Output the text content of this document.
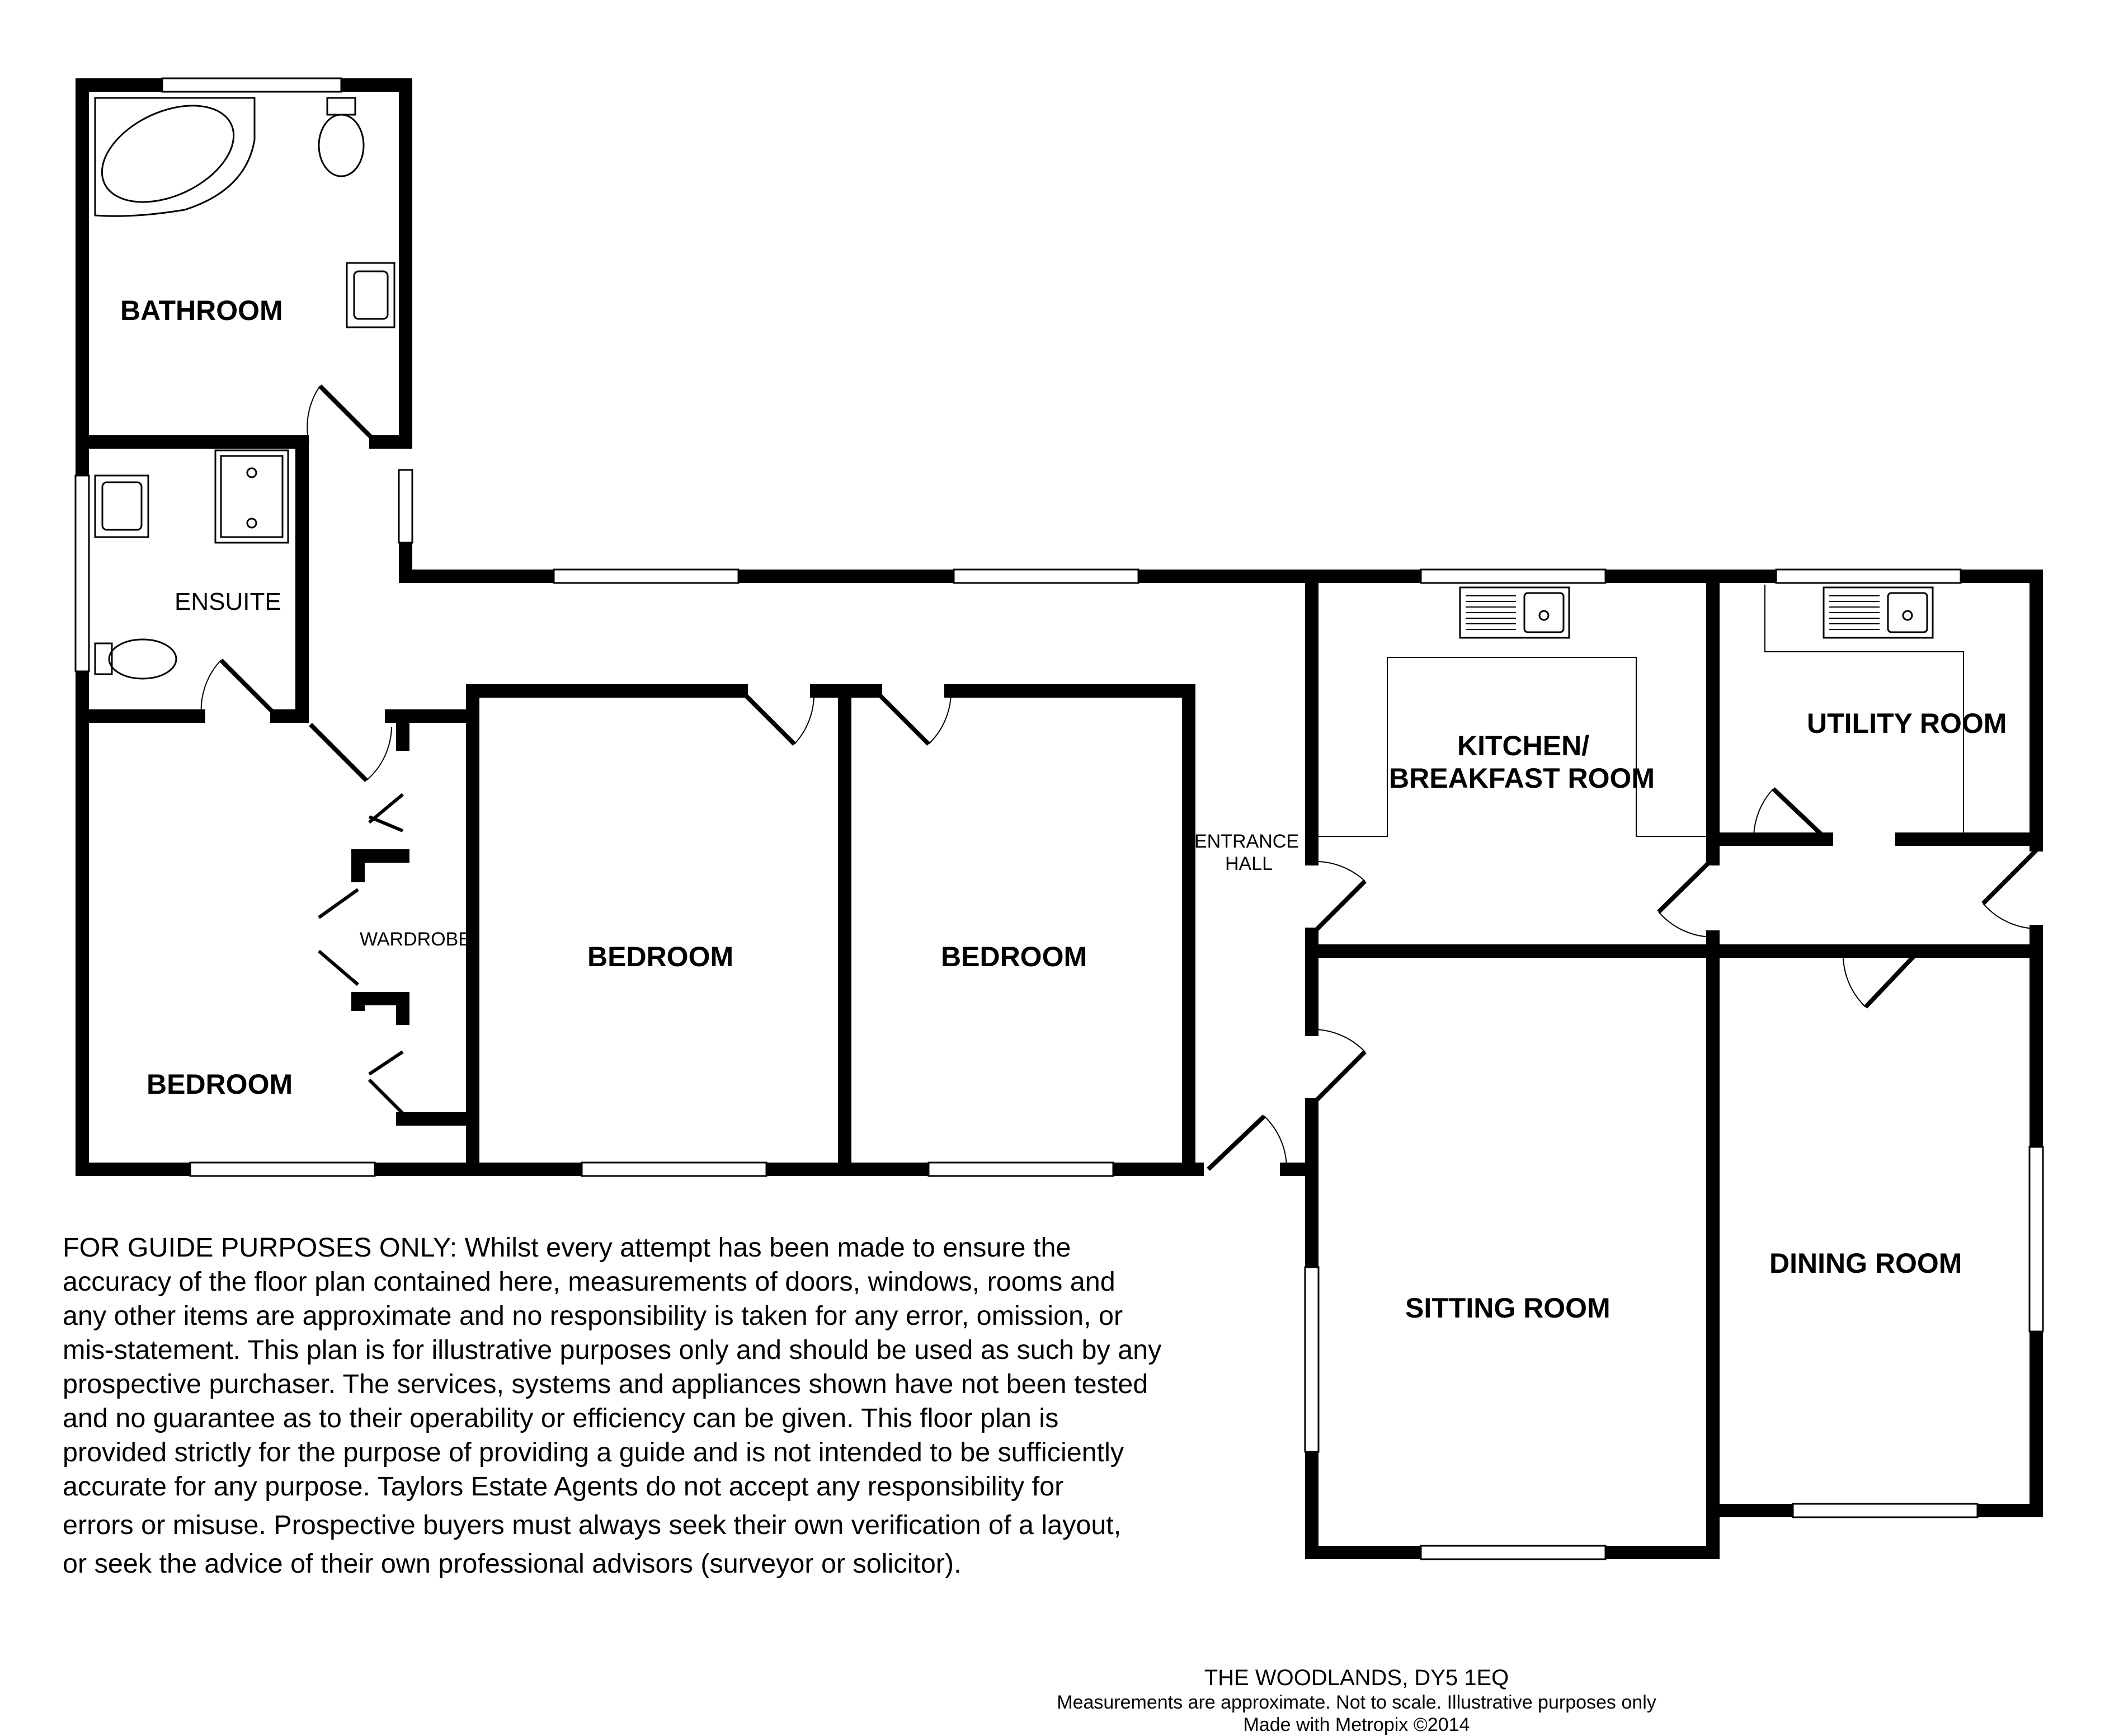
BATHROOM
ENSUITE
WARDROBE
BEDROOM
BEDROOM	BEDROOM
ENTRANCE
HALL
KITCHEN/
BREAKFAST ROOM
UTILITY ROOM
SITTING ROOM
DINING ROOM
FOR GUIDE PURPOSES ONLY: Whilst every attempt has been made to ensure the
accuracy of the floor plan contained here, measurements of doors, windows, rooms and
any other items are approximate and no responsibility is taken for any error, omission, or
mis-statement. This plan is for illustrative purposes only and should be used as such by any
prospective purchaser. The services, systems and appliances shown have not been tested
and no guarantee as to their operability or efficiency can be given. This floor plan is
provided strictly for the purpose of providing a guide and is not intended to be sufficiently
accurate for any purpose. Taylors Estate Agents do not accept any responsibility for
errors or misuse. Prospective buyers must always seek their own verification of a layout,
or seek the advice of their own professional advisors (surveyor or solicitor).
THE WOODLANDS, DY5 1EQ
Measurements are approximate. Not to scale. Illustrative purposes only
Made with Metropix ©2014
